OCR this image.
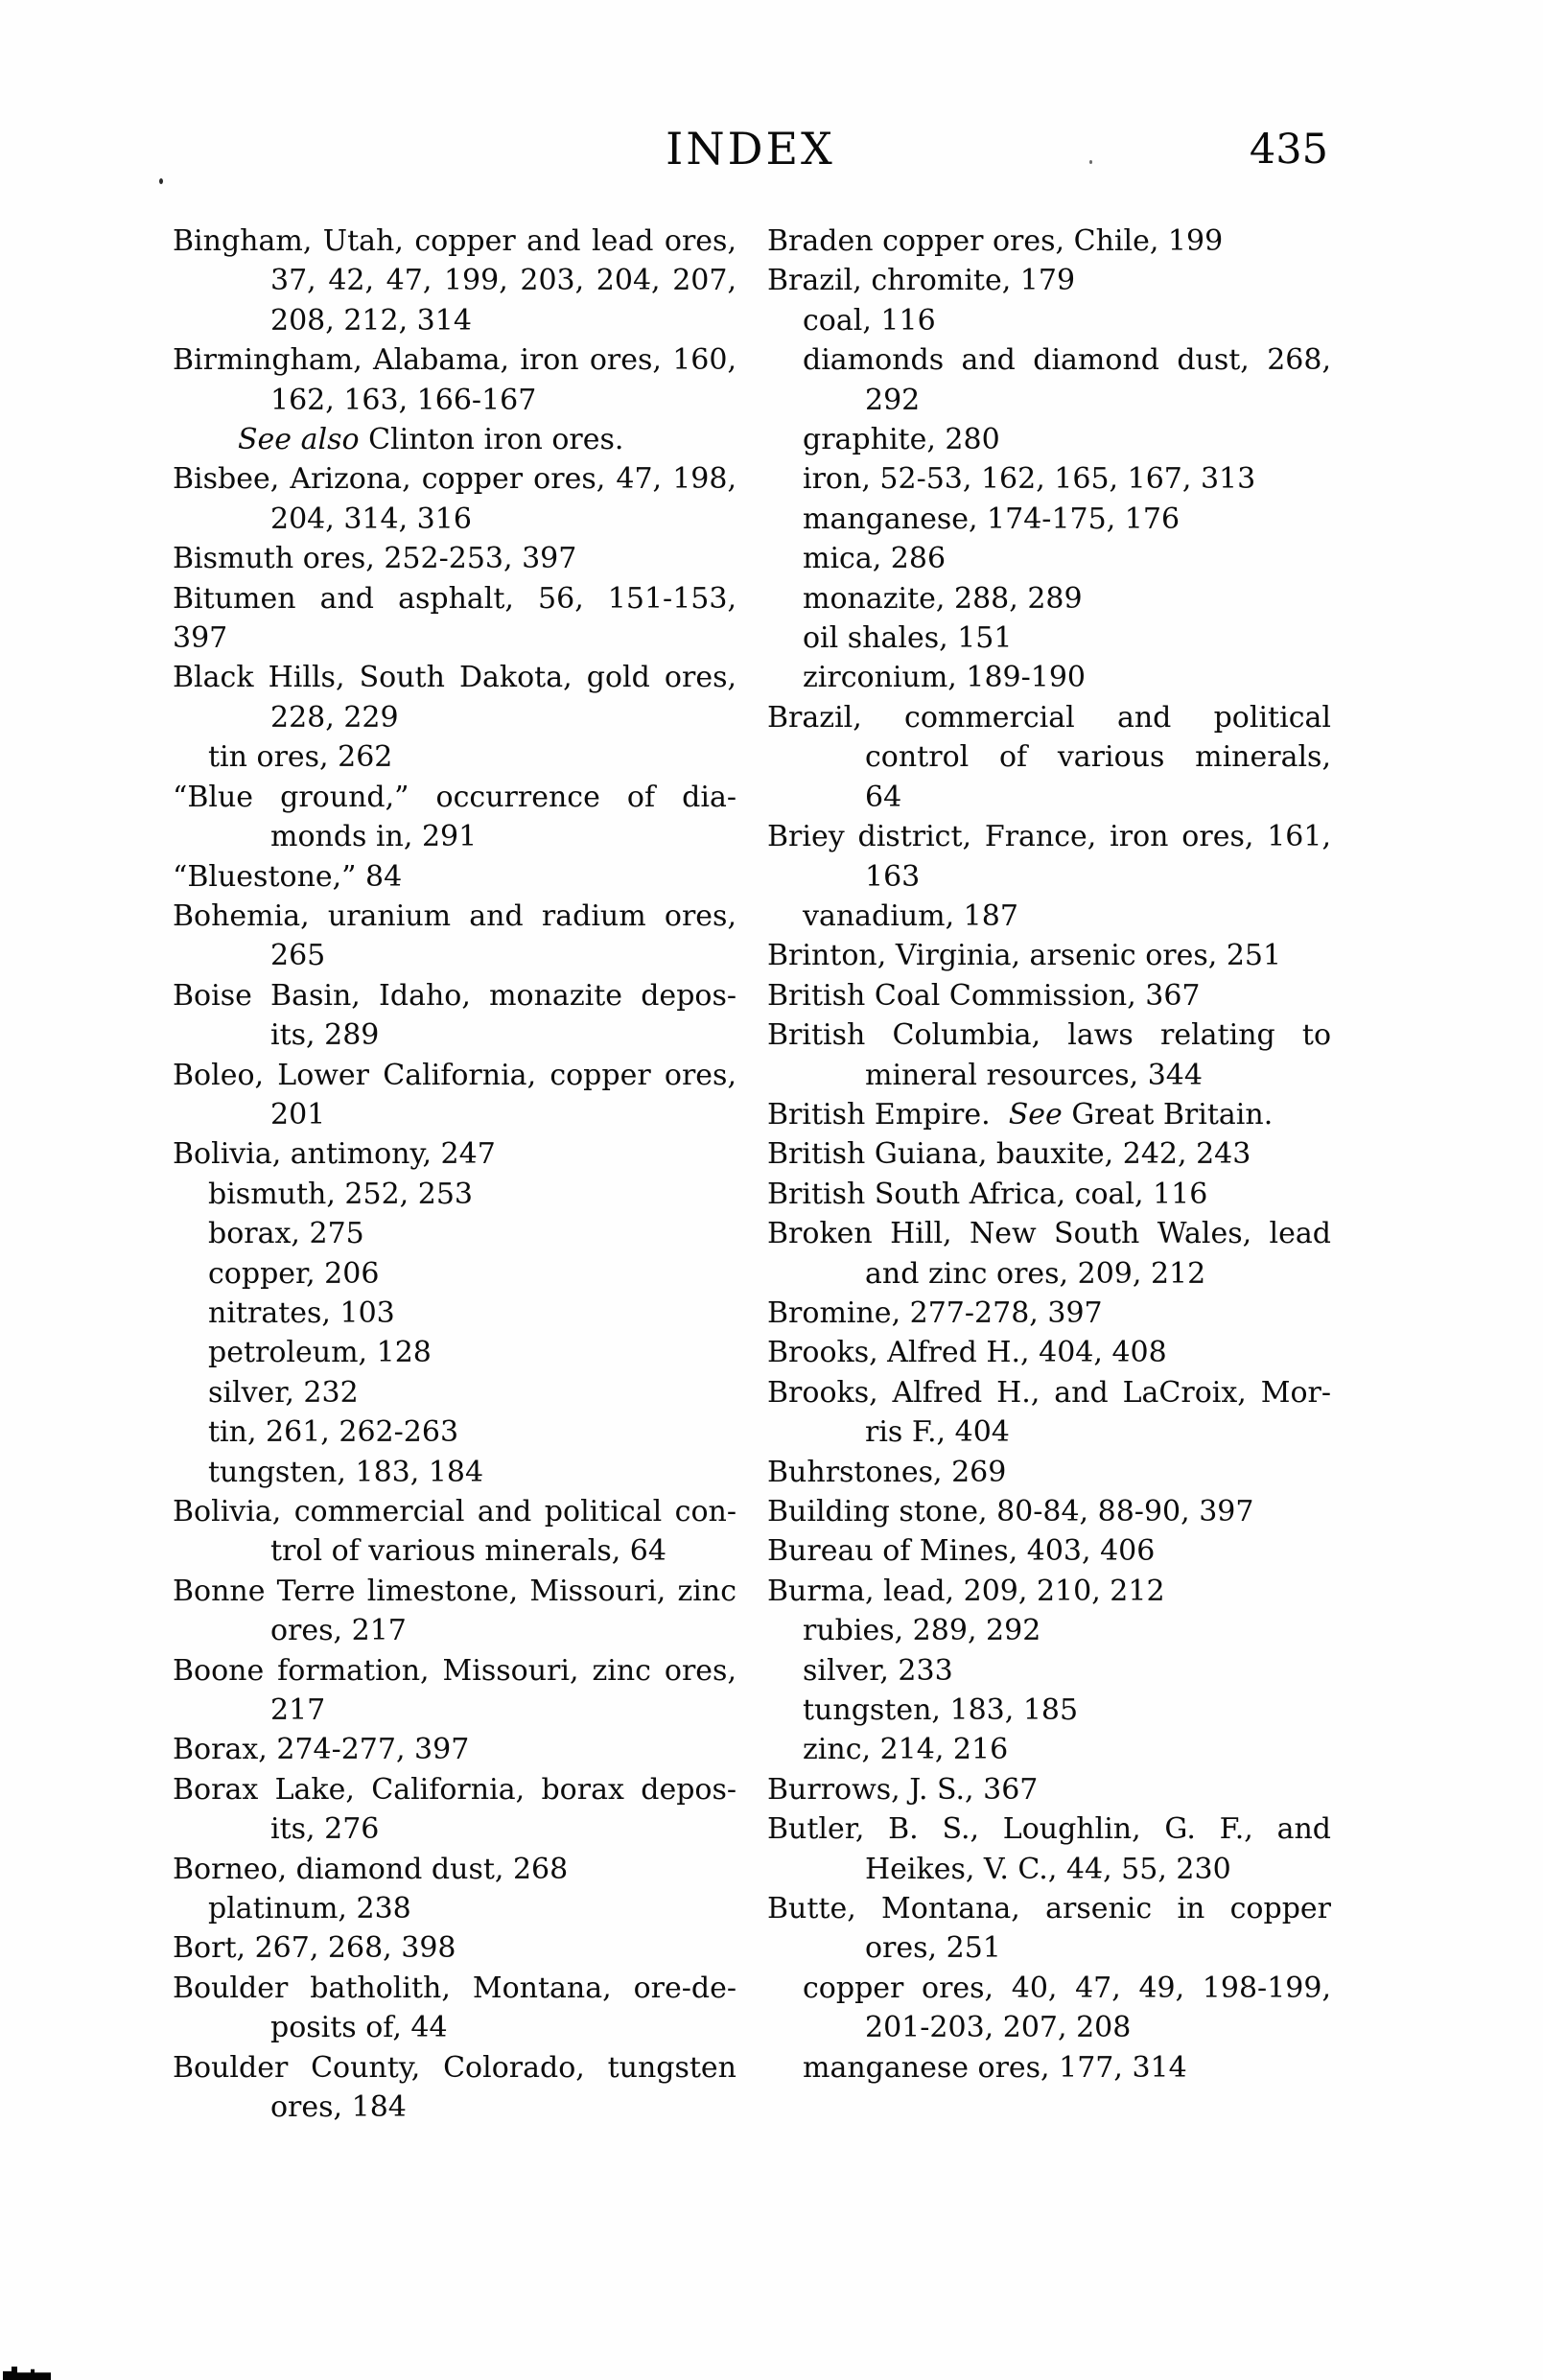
INDEX	435
Bingham, Utah, copper and lead ores,
37, 42, 47, 199, 203, 204, 207,
208, 212, 314
Birmingham, Alabama, iron ores, 160,
162, 163, 166-167
See also Clinton iron ores.
Bisbee, Arizona, copper ores, 47, 198,
204, 314, 316
Bismuth ores, 252-253, 397
Bitumen and asphalt, 56, 151-153, 397
Black Hills, South Dakota, gold ores,
228, 229
tin ores, 262
“Blue ground,” occurrence of dia-
monds in, 291
“Bluestone,” 84
Bohemia, uranium and radium ores,
265
Boise Basin, Idaho, monazite depos-
its, 289
Boleo, Lower California, copper ores,
201
Bolivia, antimony, 247
bismuth, 252, 253
borax, 275
copper, 206
nitrates, 103
petroleum, 128
silver, 232
tin, 261, 262-263
tungsten, 183, 184
Bolivia, commercial and political con-
trol of various minerals, 64
Bonne Terre limestone, Missouri, zinc
ores, 217
Boone formation, Missouri, zinc ores,
217
Borax, 274-277, 397
Borax Lake, California, borax depos-
its, 276
Borneo, diamond dust, 268
platinum, 238
Bort, 267, 268, 398
Boulder batholith, Montana, ore-de-
posits of, 44
Boulder County, Colorado, tungsten
ores, 184
Braden copper ores, Chile, 199
Brazil, chromite, 179
coal, 116
diamonds and diamond dust, 268,
292
graphite, 280
iron, 52-53, 162, 165, 167, 313
manganese, 174-175, 176
mica, 286
monazite, 288, 289
oil shales, 151
zirconium, 189-190
Brazil, commercial and political
control of various minerals,
64
Briey district, France, iron ores, 161,
163
vanadium, 187
Brinton, Virginia, arsenic ores, 251
British Coal Commission, 367
British Columbia, laws relating to
mineral resources, 344
British Empire.  See Great Britain.
British Guiana, bauxite, 242, 243
British South Africa, coal, 116
Broken Hill, New South Wales, lead
and zinc ores, 209, 212
Bromine, 277-278, 397
Brooks, Alfred H., 404, 408
Brooks, Alfred H., and LaCroix, Mor-
ris F., 404
Buhrstones, 269
Building stone, 80-84, 88-90, 397
Bureau of Mines, 403, 406
Burma, lead, 209, 210, 212
rubies, 289, 292
silver, 233
tungsten, 183, 185
zinc, 214, 216
Burrows, J. S., 367
Butler, B. S., Loughlin, G. F., and
Heikes, V. C., 44, 55, 230
Butte, Montana, arsenic in copper
ores, 251
copper ores, 40, 47, 49, 198-199,
201-203, 207, 208
manganese ores, 177, 314
